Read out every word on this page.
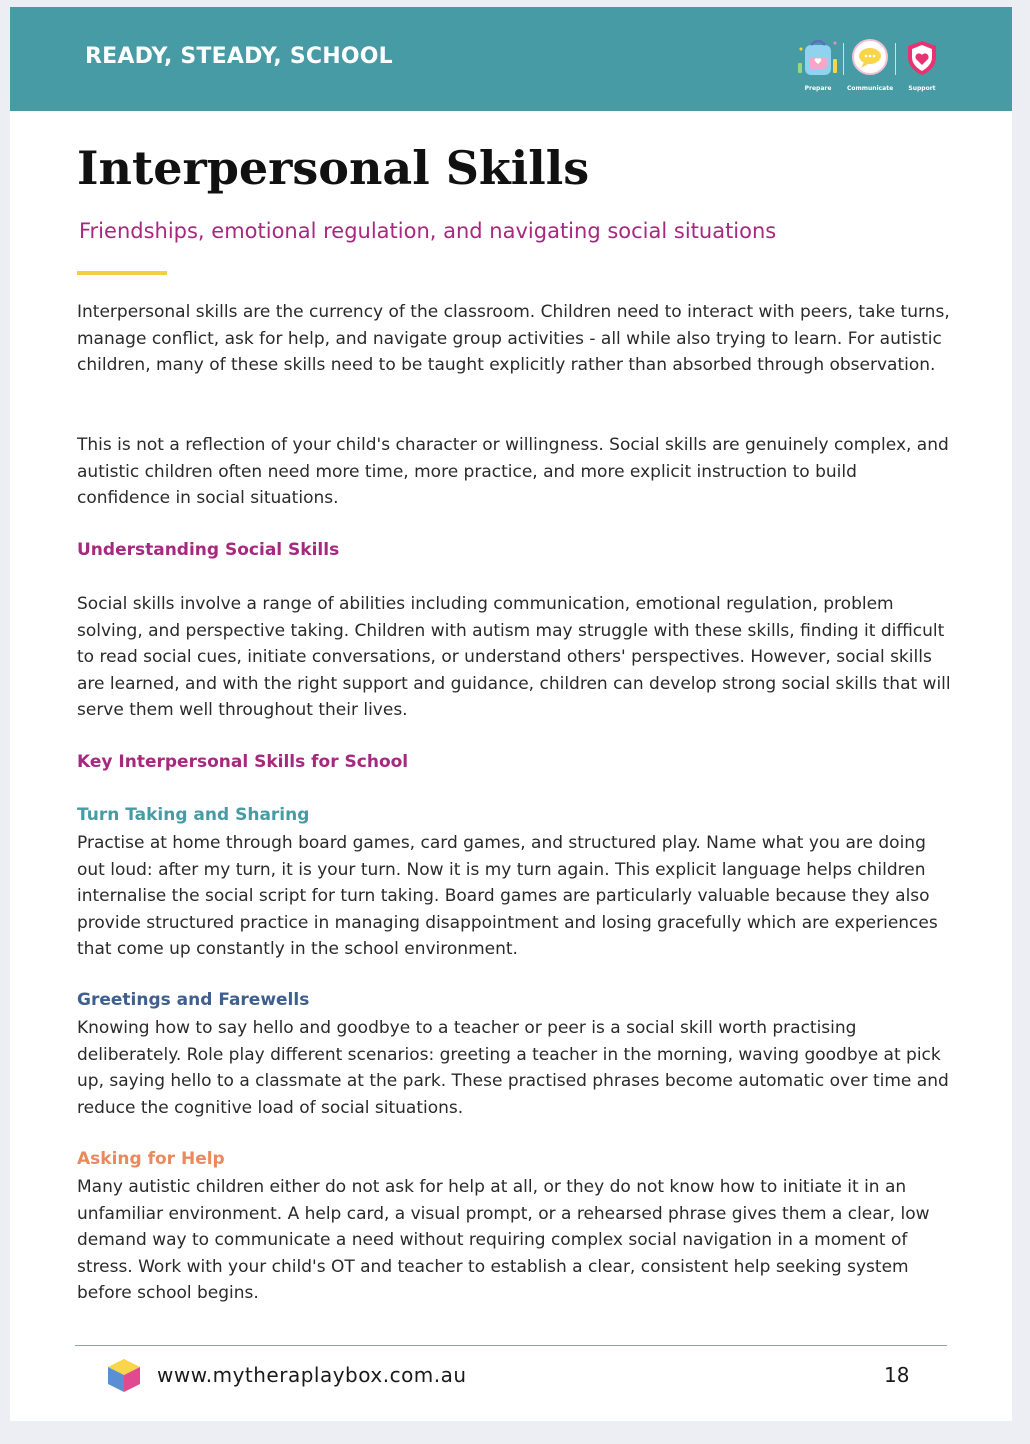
READY, STEADY, SCHOOL
Prepare	Communicate	Support
Interpersonal Skills

Friendships, emotional regulation, and navigating social situations

Interpersonal skills are the currency of the classroom. Children need to interact with peers, take turns, manage conflict, ask for help, and navigate group activities - all while also trying to learn. For autistic children, many of these skills need to be taught explicitly rather than absorbed through observation.

This is not a reflection of your child's character or willingness. Social skills are genuinely complex, and autistic children often need more time, more practice, and more explicit instruction to build confidence in social situations.

Understanding Social Skills

Social skills involve a range of abilities including communication, emotional regulation, problem solving, and perspective taking. Children with autism may struggle with these skills, finding it difficult to read social cues, initiate conversations, or understand others' perspectives. However, social skills are learned, and with the right support and guidance, children can develop strong social skills that will serve them well throughout their lives.

Key Interpersonal Skills for School

Turn Taking and Sharing

Practise at home through board games, card games, and structured play. Name what you are doing out loud: after my turn, it is your turn. Now it is my turn again. This explicit language helps children internalise the social script for turn taking. Board games are particularly valuable because they also provide structured practice in managing disappointment and losing gracefully which are experiences that come up constantly in the school environment.

Greetings and Farewells

Knowing how to say hello and goodbye to a teacher or peer is a social skill worth practising deliberately. Role play different scenarios: greeting a teacher in the morning, waving goodbye at pick up, saying hello to a classmate at the park. These practised phrases become automatic over time and reduce the cognitive load of social situations.

Asking for Help

Many autistic children either do not ask for help at all, or they do not know how to initiate it in an unfamiliar environment. A help card, a visual prompt, or a rehearsed phrase gives them a clear, low demand way to communicate a need without requiring complex social navigation in a moment of stress. Work with your child's OT and teacher to establish a clear, consistent help seeking system before school begins.

www.mytheraplaybox.com.au	18
